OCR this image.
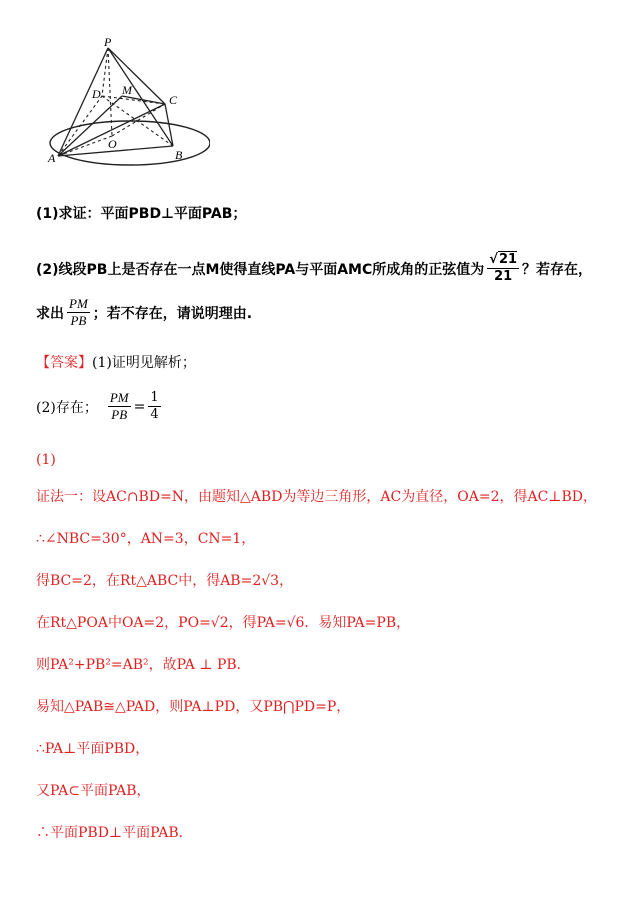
P
D M
C
O
A	B
(1)求证：平面PBD⊥平面PAB；
(2)线段PB上是否存在一点M使得直线PA与平面AMC所成角的正弦值为 $\frac{√21}{21}$ ？若存在，
求出 $\frac{PM}{PB}$ ；若不存在，请说明理由.
【答案】 (1)证明见解析；
(2)存在； $\frac{PM}{PB} = \frac{1}{4}$
(1)
证法一：设AC∩BD=N，由题知△ABD为等边三角形，AC为直径，OA=2，得AC⊥BD，
∴∠NBC=30°，AN=3，CN=1，
得BC=2，在Rt△ABC中，得AB=2√3，
在Rt△POA中OA=2，PO=√2，得PA=√6．易知PA=PB，
则PA²+PB²=AB²，故PA ⊥ PB．
易知△PAB≅△PAD，则PA⊥PD，又PB⋂PD=P，
∴PA⊥平面PBD，
又PA⊂平面PAB，
∴平面PBD⊥平面PAB．
